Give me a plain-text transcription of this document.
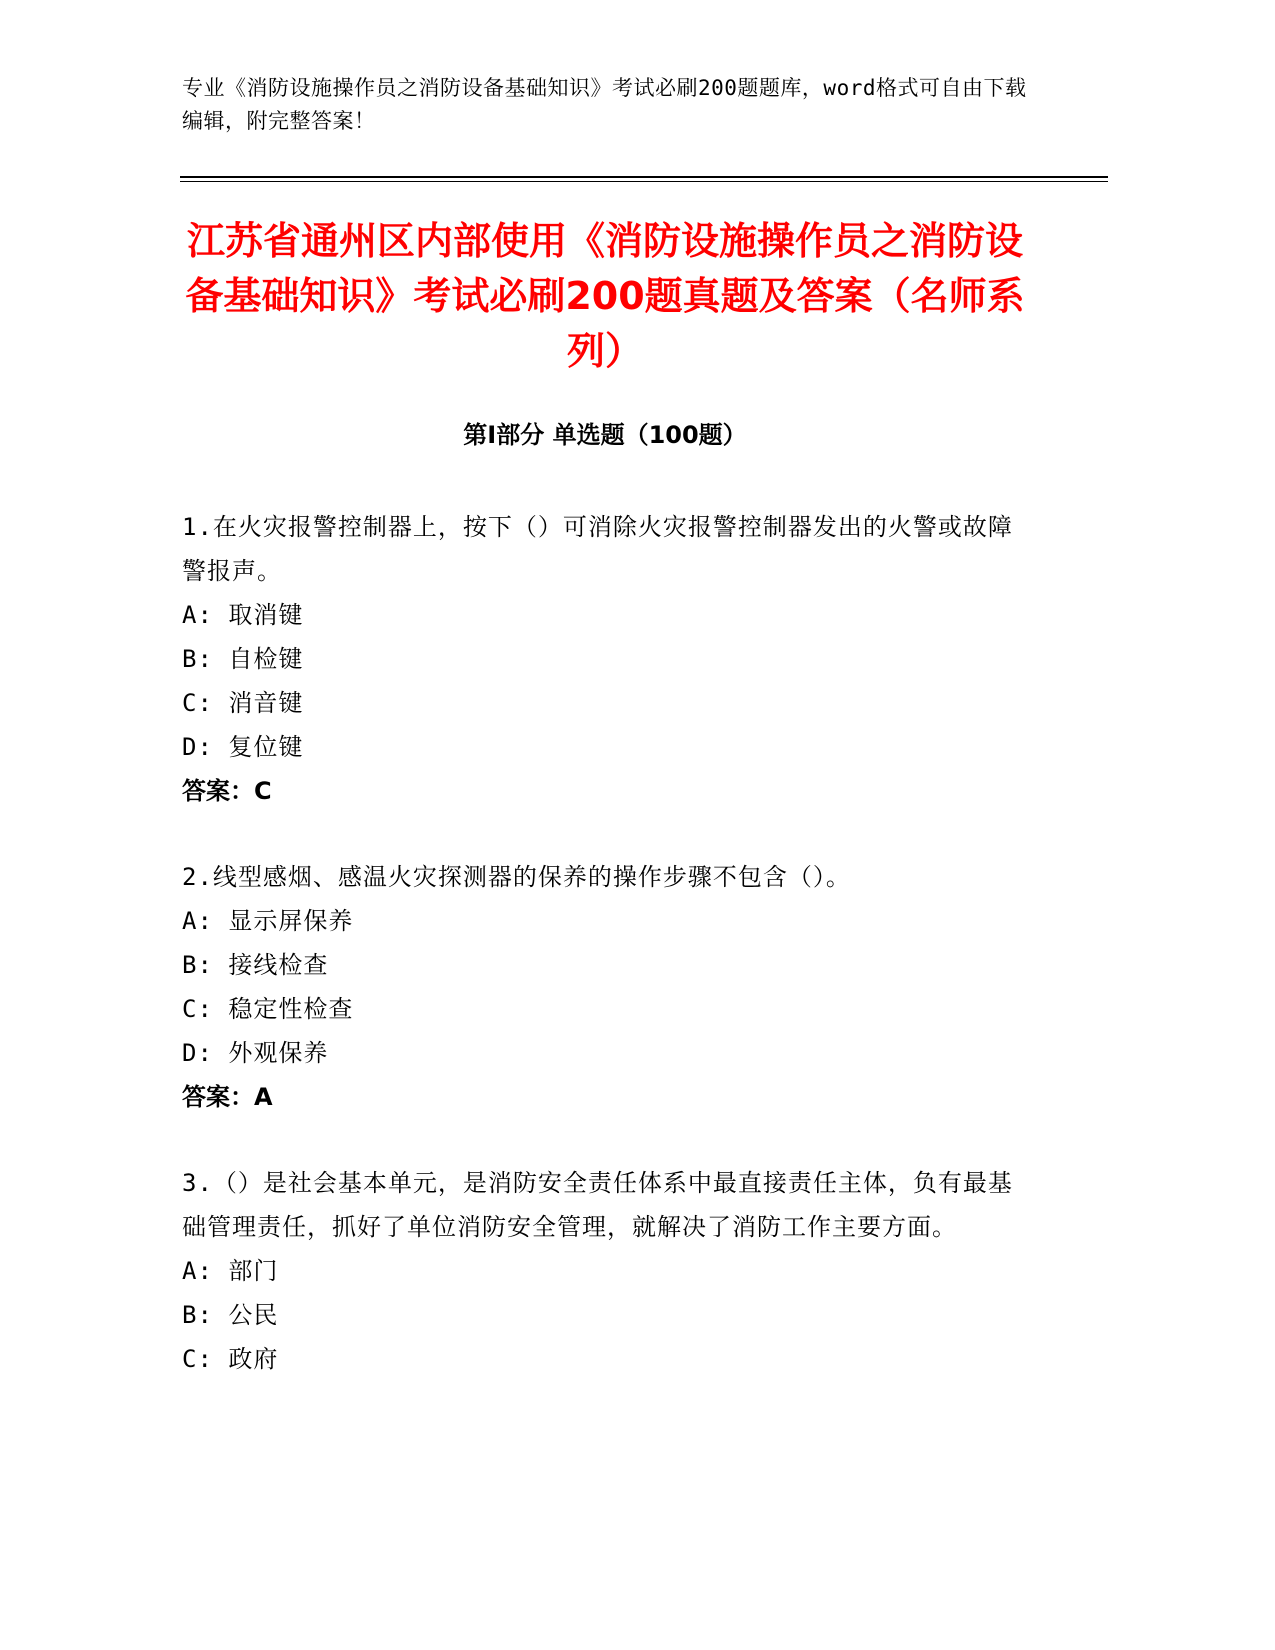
专业《消防设施操作员之消防设备基础知识》考试必刷200题题库，word格式可自由下载编辑，附完整答案！
江苏省通州区内部使用《消防设施操作员之消防设备基础知识》考试必刷200题真题及答案（名师系列）
第Ⅰ部分 单选题（100题）
1.在火灾报警控制器上，按下（）可消除火灾报警控制器发出的火警或故障警报声。
A: 取消键
B: 自检键
C: 消音键
D: 复位键
答案：C
2.线型感烟、感温火灾探测器的保养的操作步骤不包含（）。
A: 显示屏保养
B: 接线检查
C: 稳定性检查
D: 外观保养
答案：A
3.（）是社会基本单元，是消防安全责任体系中最直接责任主体，负有最基础管理责任，抓好了单位消防安全管理，就解决了消防工作主要方面。
A: 部门
B: 公民
C: 政府
